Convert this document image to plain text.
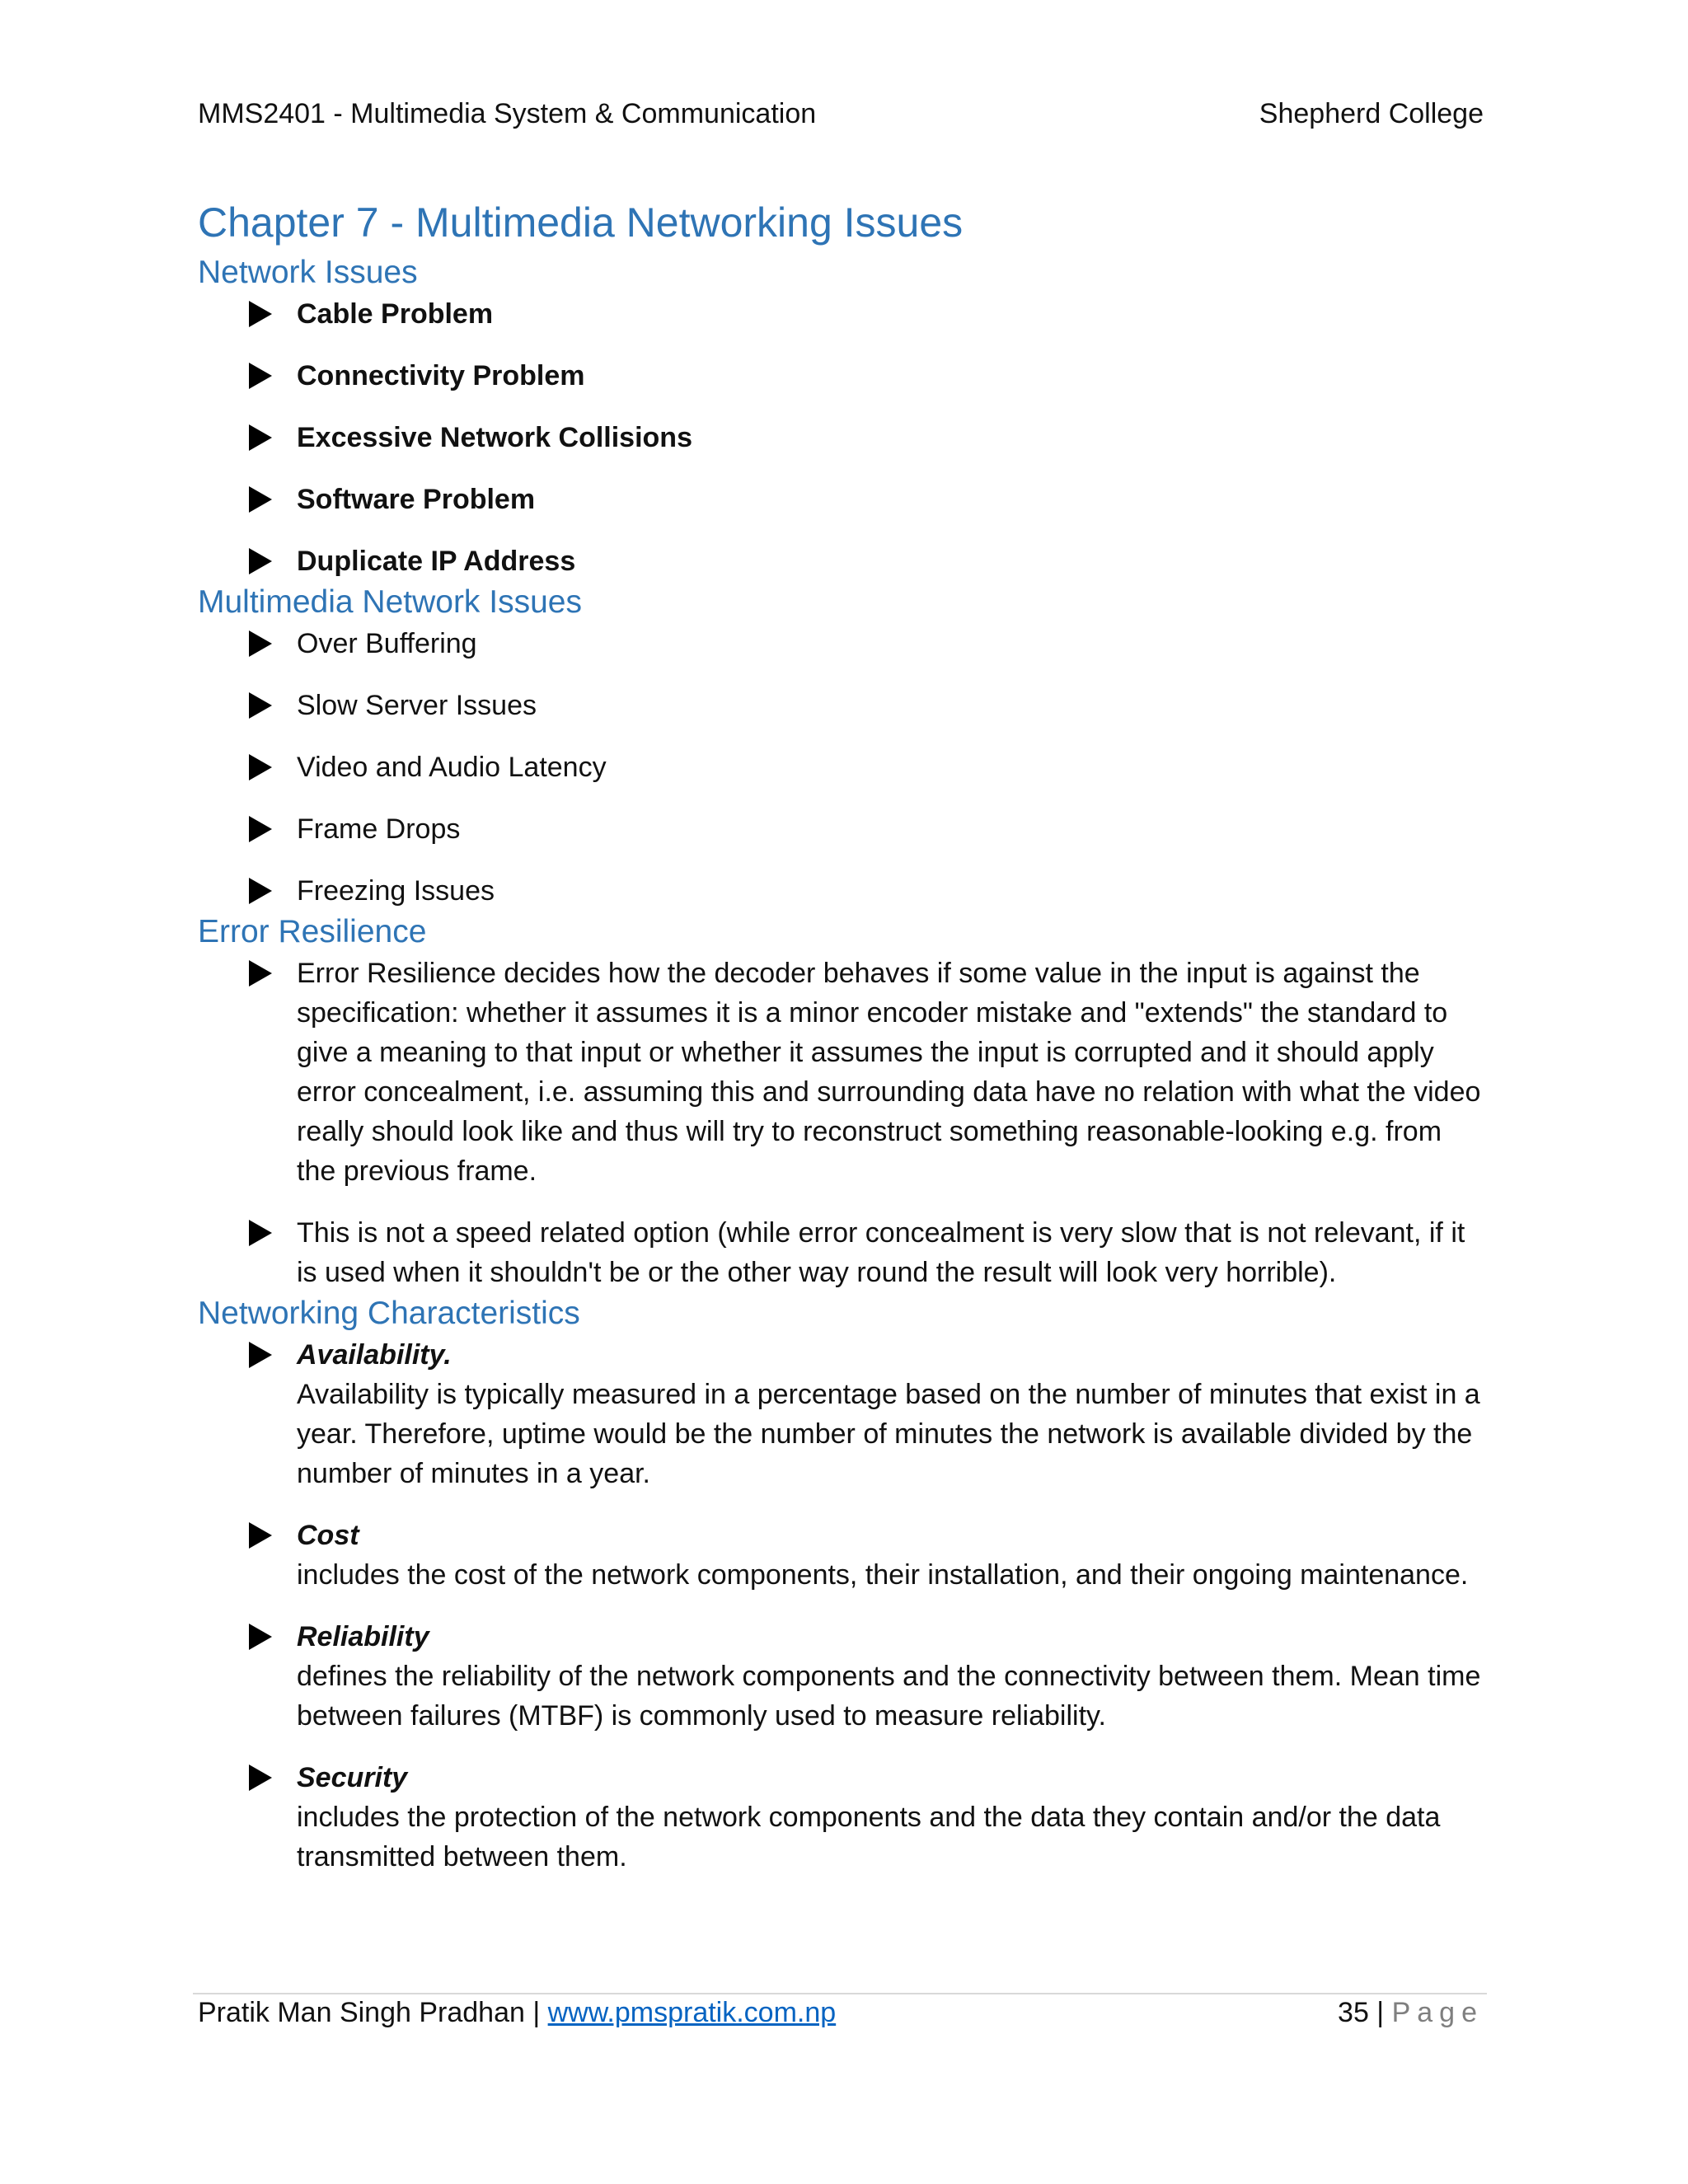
MMS2401 - Multimedia System & Communication	Shepherd College
Chapter 7 - Multimedia Networking Issues
Network Issues
Cable Problem
Connectivity Problem
Excessive Network Collisions
Software Problem
Duplicate IP Address
Multimedia Network Issues
Over Buffering
Slow Server Issues
Video and Audio Latency
Frame Drops
Freezing Issues
Error Resilience
Error Resilience decides how the decoder behaves if some value in the input is against the specification: whether it assumes it is a minor encoder mistake and "extends" the standard to give a meaning to that input or whether it assumes the input is corrupted and it should apply error concealment, i.e. assuming this and surrounding data have no relation with what the video really should look like and thus will try to reconstruct something reasonable-looking e.g. from the previous frame.
This is not a speed related option (while error concealment is very slow that is not relevant, if it is used when it shouldn't be or the other way round the result will look very horrible).
Networking Characteristics
Availability.
Availability is typically measured in a percentage based on the number of minutes that exist in a year. Therefore, uptime would be the number of minutes the network is available divided by the number of minutes in a year.
Cost
includes the cost of the network components, their installation, and their ongoing maintenance.
Reliability
defines the reliability of the network components and the connectivity between them. Mean time between failures (MTBF) is commonly used to measure reliability.
Security
includes the protection of the network components and the data they contain and/or the data transmitted between them.
Pratik Man Singh Pradhan | www.pmspratik.com.np	35 | Page
